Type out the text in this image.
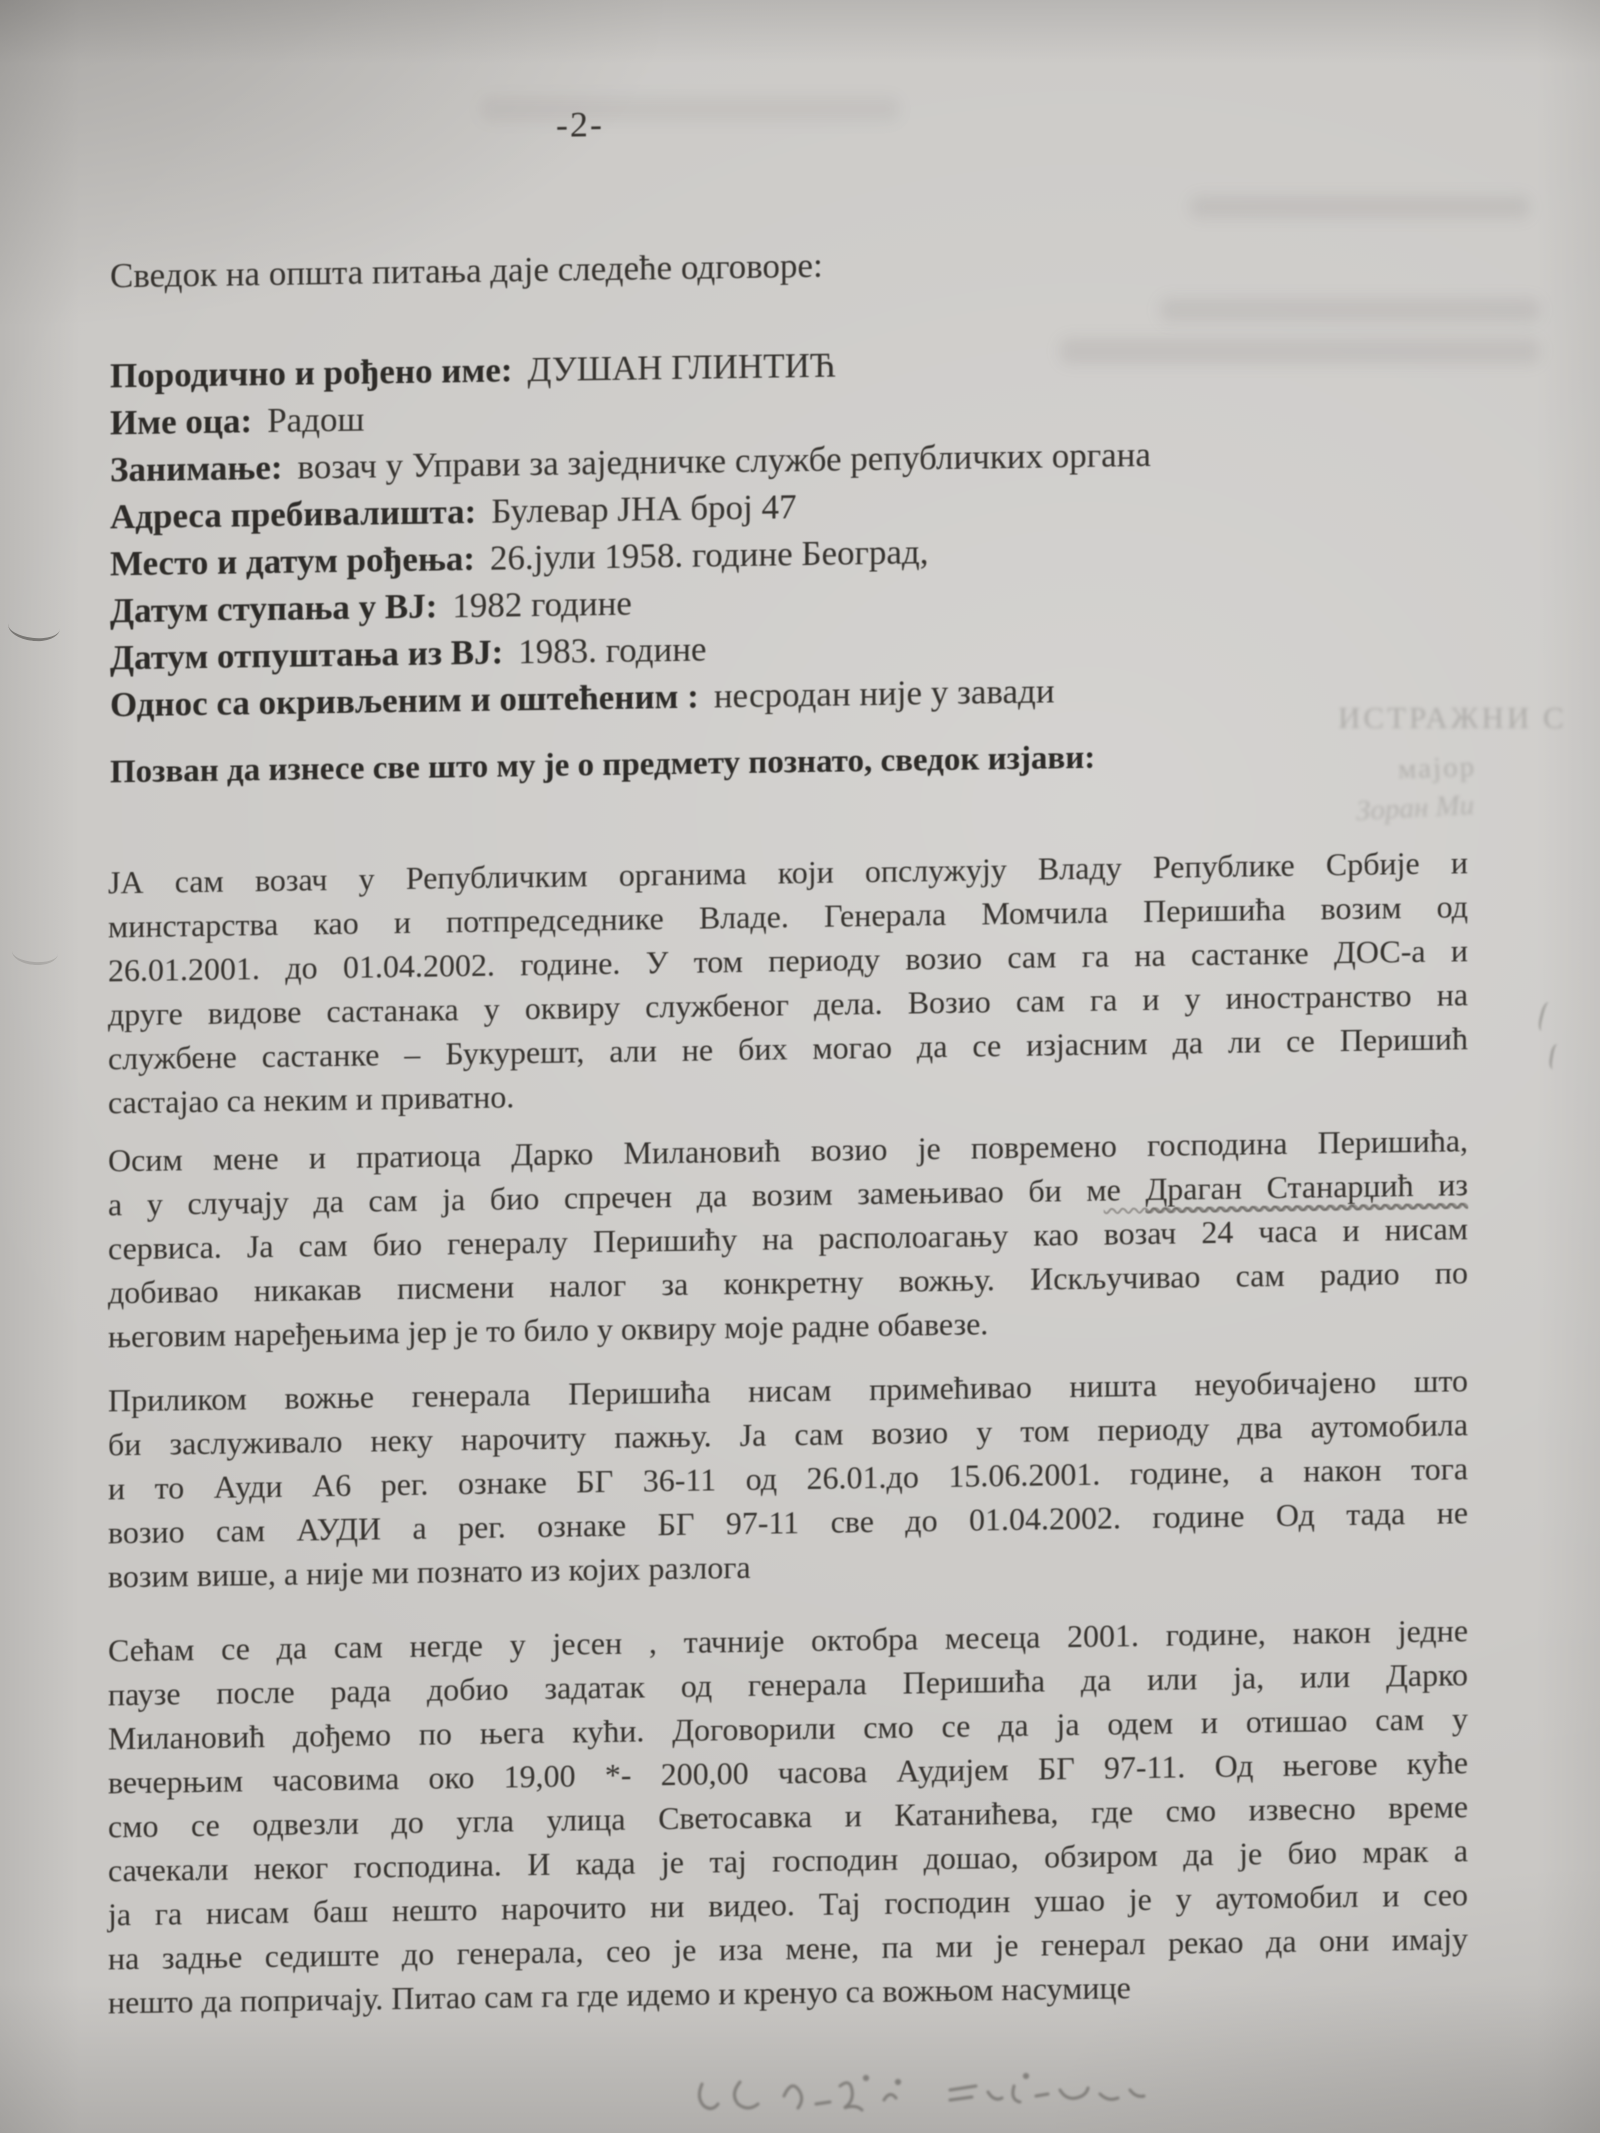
ИСТРАЖНИ С
мајор
Зоран Ми
-2-
Сведок на општа питања даје следеће одговоре:
Породично и рођено име: ДУШАН ГЛИНТИЋ
Име оца: Радош
Занимање: возач у Управи за заједничке службе републичких органа
Адреса пребивалишта: Булевар ЈНА број 47
Место и датум рођења: 26.јули 1958. године Београд,
Датум ступања у ВЈ: 1982 године
Датум отпуштања из ВЈ: 1983. године
Однос са окривљеним и оштећеним : несродан није у завади
Позван да изнесе све што му је о предмету познато, сведок изјави:
ЈА сам возач у Републичким органима који опслужују Владу Републике Србије и
минстарства као и потпредседнике Владе. Генерала Момчила Перишића возим од
26.01.2001. до 01.04.2002. године. У том периоду возио сам га на састанке ДОС-а и
друге видове састанака у оквиру службеног дела. Возио сам га и у иностранство на
службене састанке – Букурешт, али не бих могао да се изјасним да ли се Перишић
састајао са неким и приватно.
Осим мене и пратиоца Дарко Милановић возио је повремено господина Перишића,
а у случају да сам ја био спречен да возим замењивао би ме Драган Станарџић из
сервиса. Ја сам био генералу Перишићу на располоагању као возач 24 часа и нисам
добивао никакав писмени налог за конкретну вожњу. Искључивао сам радио по
његовим наређењима јер је то било у оквиру моје радне обавезе.
Приликом вожње генерала Перишића нисам примећивао ништа неуобичајено што
би заслуживало неку нарочиту пажњу. Ја сам возио у том периоду два аутомобила
и то Ауди А6 рег. ознаке БГ 36-11 од 26.01.до 15.06.2001. године, а након тога
возио сам АУДИ а рег. ознаке БГ 97-11 све до 01.04.2002. године Од тада не
возим више, а није ми познато из којих разлога
Сећам се да сам негде у јесен , тачније октобра месеца 2001. године, након једне
паузе после рада добио задатак од генерала Перишића да или ја, или Дарко
Милановић дођемо по њега кући. Договорили смо се да ја одем и отишао сам у
вечерњим часовима око 19,00 *- 200,00 часова Аудијем БГ 97-11. Од његове куће
смо се одвезли до угла улица Светосавка и Катанићева, где смо извесно време
сачекали неког господина. И када је тај господин дошао, обзиром да је био мрак а
ја га нисам баш нешто нарочито ни видео. Тај господин ушао је у аутомобил и сео
на задње седиште до генерала, сео је иза мене, па ми је генерал рекао да они имају
нешто да попричају. Питао сам га где идемо и кренуо са вожњом насумице
